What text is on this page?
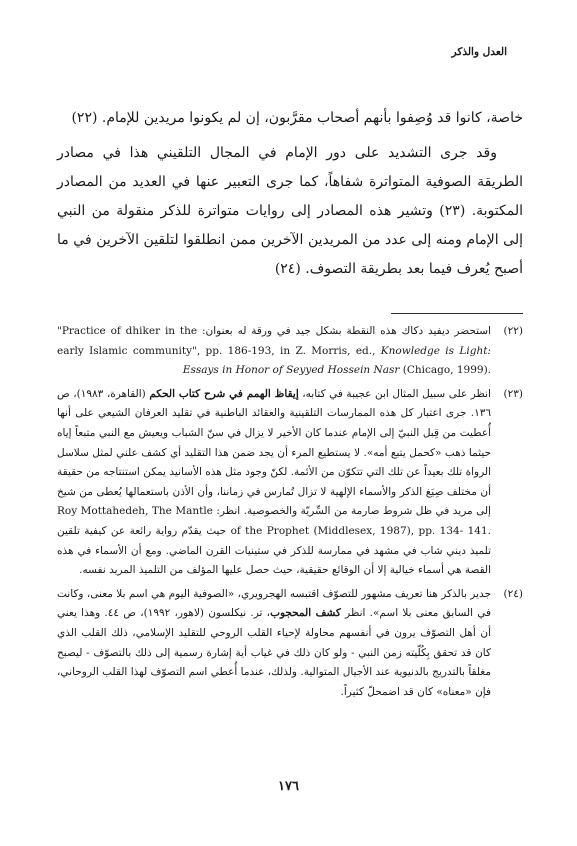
العدل والذكر

خاصة، كانوا قد وُصِفوا بأنهم أصحاب مقرَّبون، إن لم يكونوا مريدين للإمام. (٢٢)

وقد جرى التشديد على دور الإمام في المجال التلقيني هذا في مصادر الطريقة الصوفية المتواترة شفاهاً، كما جرى التعبير عنها في العديد من المصادر المكتوبة. (٢٣) وتشير هذه المصادر إلى روايات متواترة للذكر منقولة من النبي إلى الإمام ومنه إلى عدد من المريدين الآخرين ممن انطلقوا لتلقين الآخرين في ما أصبح يُعرف فيما بعد بطريقة التصوف. (٢٤)

(٢٢)
استحضر ديفيد دكاك هذه النقطة بشكل جيد في ورقة له بعنوان: "Practice of dhiker in the early Islamic community", pp. 186-193, in Z. Morris, ed., Knowledge is Light: Essays in Honor of Seyyed Hossein Nasr (Chicago, 1999).
(٢٣)
انظر على سبيل المثال ابن عجيبة في كتابه، إيقاظ الهمم في شرح كتاب الحكم (القاهرة، ١٩٨٣)، ص ١٣٦. جرى اعتبار كل هذه الممارسات التلقينية والعقائد الباطنية في تقليد العرفان الشيعي على أنها أُعطيت من قِبل النبيّ إلى الإمام عندما كان الأخير لا يزال في سنّ الشباب ويعيش مع النبي متبعاً إياه حيثما ذهب «كحمل يتبع أمه». لا يستطيع المرء أن يجد ضمن هذا التقليد أي كشف علني لمثل سلاسل الرواة تلك بعيداً عن تلك التي تتكوّن من الأئمة. لكنّ وجود مثل هذه الأسانيد يمكن استنتاجه من حقيقة أن مختلف صِيَغ الذكر والأسماء الإلهية لا تزال تُمارس في زماننا، وأن الأذن باستعمالها يُعطى من شيخ إلى مريد في ظل شروط صارمة من السِّريّة والخصوصية. انظر: Roy Mottahedeh, The Mantle of the Prophet (Middlesex, 1987), pp. 134- 141. حيث يقدّم رواية رائعة عن كيفية تلقين تلميذ ديني شاب في مشهد في ممارسة للذكر في ستينيات القرن الماضي. ومع أن الأسماء في هذه القصة هي أسماء خيالية إلا أن الوقائع حقيقية، حيث حصل عليها المؤلف من التلميذ المريد نفسه.
(٢٤)
جدير بالذكر هنا تعريف مشهور للتصوّف اقتبسه الهجرويري، «الصوفية اليوم هي اسم بلا معنى، وكانت في السابق معنى بلا اسم». انظر كشف المحجوب، تر. نيكلسون (لاهور، ١٩٩٢)، ص ٤٤. وهذا يعني أن أهل التصوّف يرون في أنفسهم محاولة لإحياء القلب الروحي للتقليد الإسلامي، ذلك القلب الذي كان قد تحقق بِكُلّيته زمن النبي - ولو كان ذلك في غياب أية إشارة رسمية إلى ذلك بالتصوّف - ليصبح مغلقاً بالتدريج بالدنيوية عند الأجيال المتوالية. ولذلك، عندما أُعطي اسم التصوّف لهذا القلب الروحاني، فإن «معناه» كان قد اضمحلّ كثيراً.
١٧٦
